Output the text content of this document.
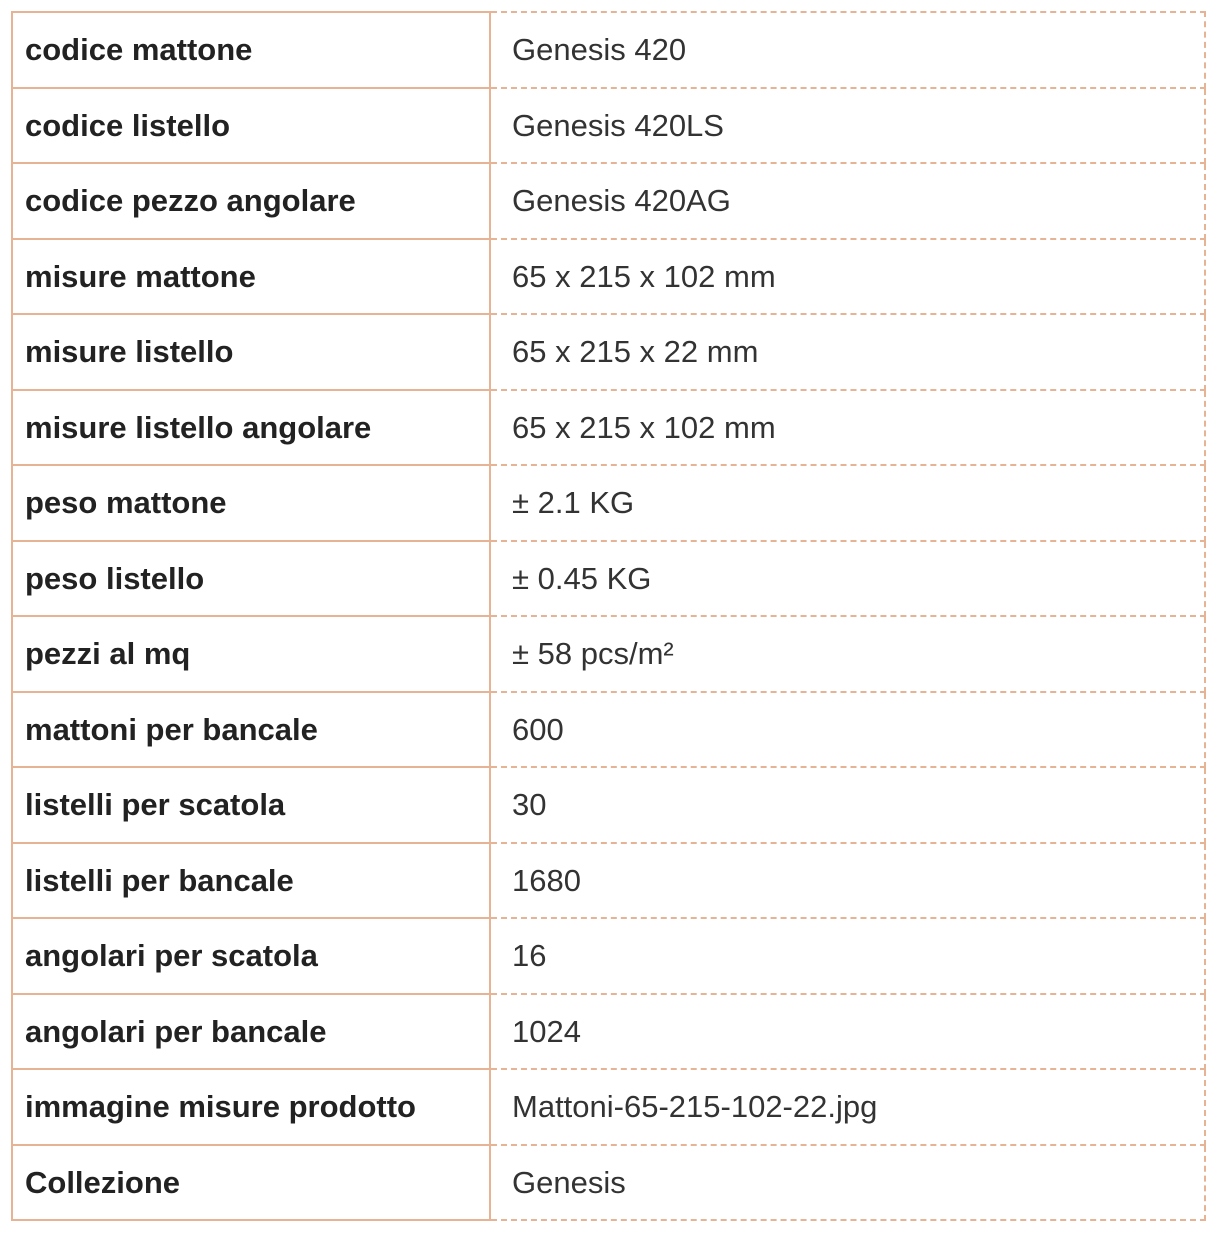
codice mattone	Genesis 420
codice listello	Genesis 420LS
codice pezzo angolare	Genesis 420AG
misure mattone	65 x 215 x 102 mm
misure listello	65 x 215 x 22 mm
misure listello angolare	65 x 215 x 102 mm
peso mattone	± 2.1 KG
peso listello	± 0.45 KG
pezzi al mq	± 58 pcs/m²
mattoni per bancale	600
listelli per scatola	30
listelli per bancale	1680
angolari per scatola	16
angolari per bancale	1024
immagine misure prodotto	Mattoni-65-215-102-22.jpg
Collezione	Genesis
